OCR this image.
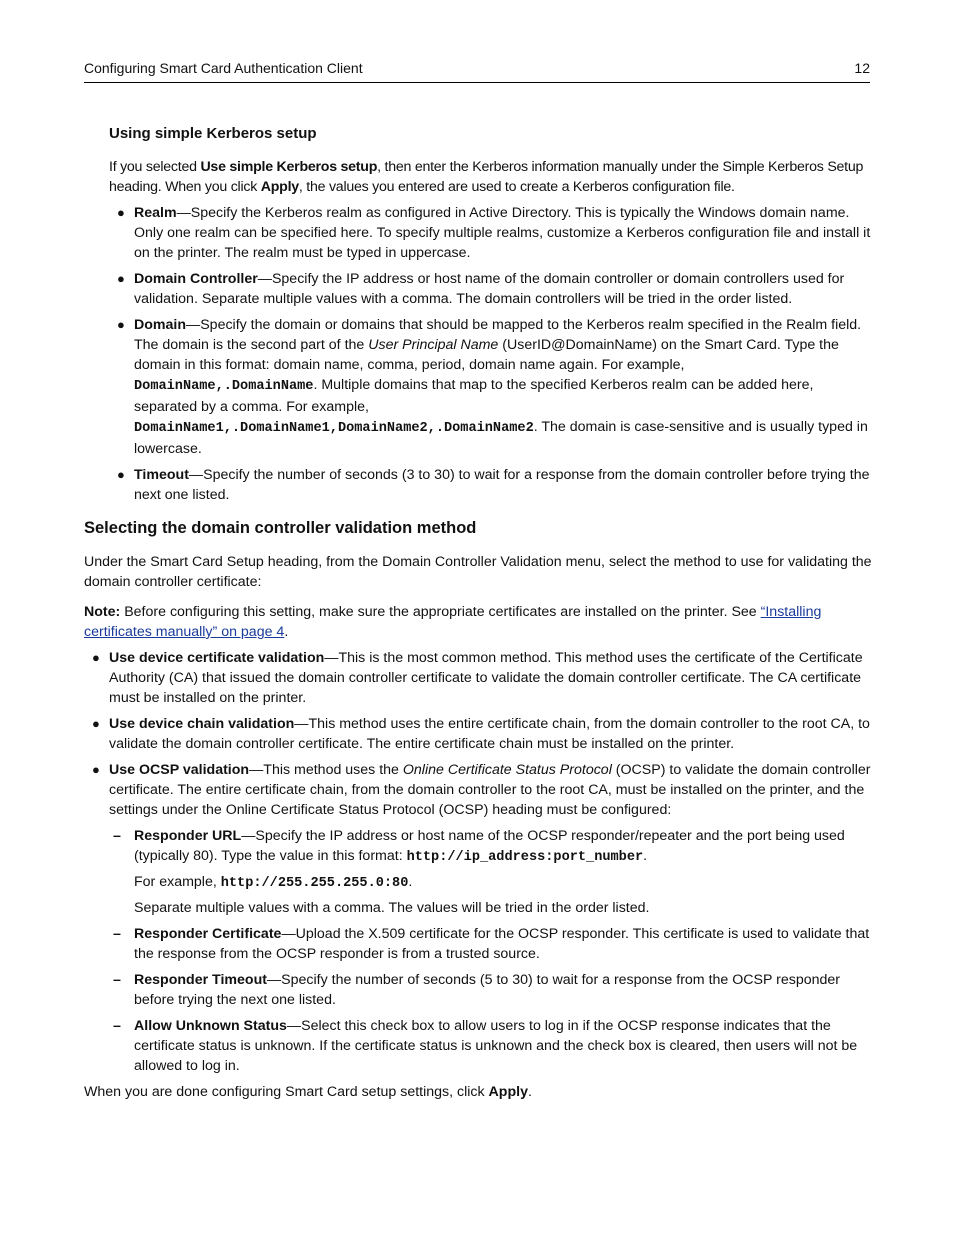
Configuring Smart Card Authentication Client	12
Using simple Kerberos setup

If you selected Use simple Kerberos setup, then enter the Kerberos information manually under the Simple Kerberos Setup heading. When you click Apply, the values you entered are used to create a Kerberos configuration file.

● Realm—Specify the Kerberos realm as configured in Active Directory. This is typically the Windows domain name. Only one realm can be specified here. To specify multiple realms, customize a Kerberos configuration file and install it on the printer. The realm must be typed in uppercase.
● Domain Controller—Specify the IP address or host name of the domain controller or domain controllers used for validation. Separate multiple values with a comma. The domain controllers will be tried in the order listed.
● Domain—Specify the domain or domains that should be mapped to the Kerberos realm specified in the Realm field. The domain is the second part of the User Principal Name (UserID@DomainName) on the Smart Card. Type the domain in this format: domain name, comma, period, domain name again. For example,
DomainName,.DomainName. Multiple domains that map to the specified Kerberos realm can be added here, separated by a comma. For example,
DomainName1,.DomainName1,DomainName2,.DomainName2. The domain is case-sensitive and is usually typed in lowercase.
● Timeout—Specify the number of seconds (3 to 30) to wait for a response from the domain controller before trying the next one listed.
Selecting the domain controller validation method

Under the Smart Card Setup heading, from the Domain Controller Validation menu, select the method to use for validating the domain controller certificate:

Note: Before configuring this setting, make sure the appropriate certificates are installed on the printer. See “Installing certificates manually” on page 4.

● Use device certificate validation—This is the most common method. This method uses the certificate of the Certificate Authority (CA) that issued the domain controller certificate to validate the domain controller certificate. The CA certificate must be installed on the printer.
● Use device chain validation—This method uses the entire certificate chain, from the domain controller to the root CA, to validate the domain controller certificate. The entire certificate chain must be installed on the printer.
● Use OCSP validation—This method uses the Online Certificate Status Protocol (OCSP) to validate the domain controller certificate. The entire certificate chain, from the domain controller to the root CA, must be installed on the printer, and the settings under the Online Certificate Status Protocol (OCSP) heading must be configured:
– Responder URL—Specify the IP address or host name of the OCSP responder/repeater and the port being used (typically 80). Type the value in this format: http://ip_address:port_number.

For example, http://255.255.255.0:80.

Separate multiple values with a comma. The values will be tried in the order listed.

– Responder Certificate—Upload the X.509 certificate for the OCSP responder. This certificate is used to validate that the response from the OCSP responder is from a trusted source.
– Responder Timeout—Specify the number of seconds (5 to 30) to wait for a response from the OCSP responder before trying the next one listed.
– Allow Unknown Status—Select this check box to allow users to log in if the OCSP response indicates that the certificate status is unknown. If the certificate status is unknown and the check box is cleared, then users will not be allowed to log in.

When you are done configuring Smart Card setup settings, click Apply.
